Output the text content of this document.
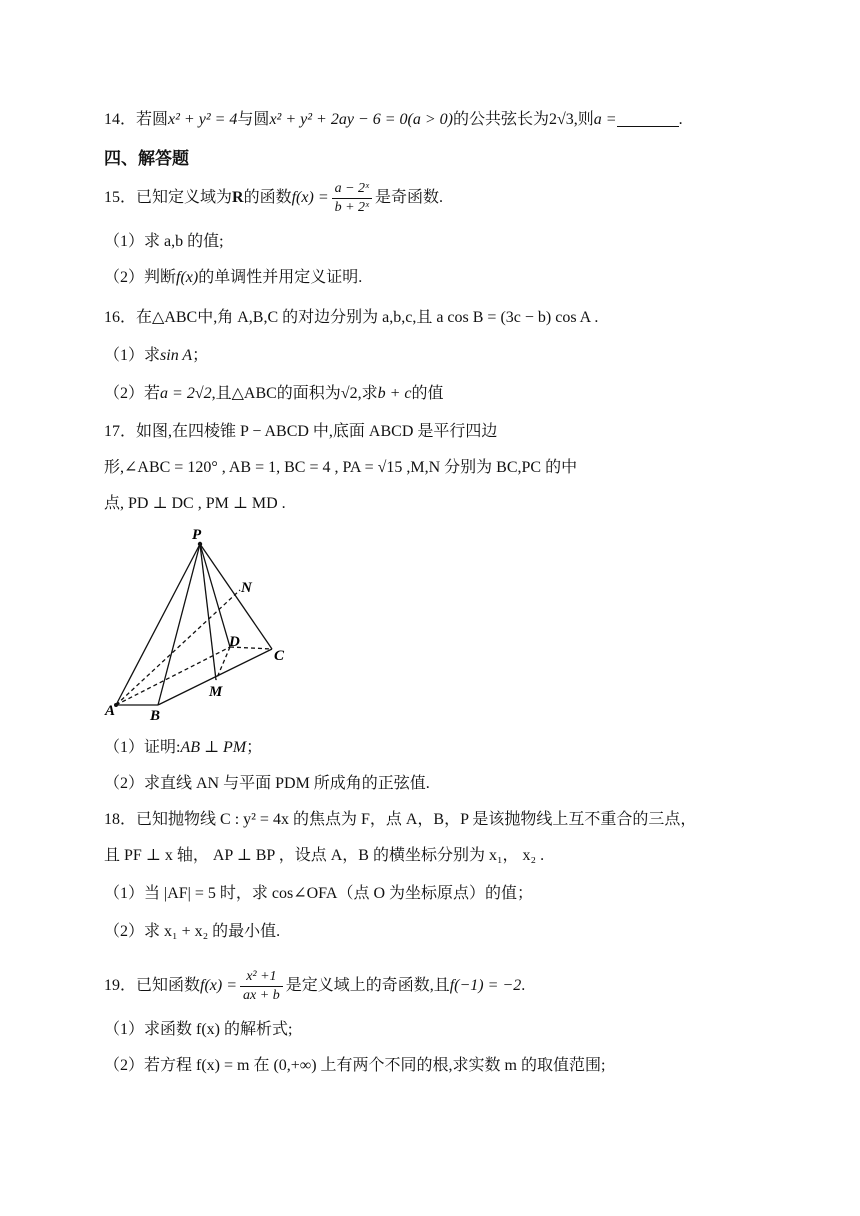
14．若圆x² + y² = 4与圆x² + y² + 2ay − 6 = 0(a > 0)的公共弦长为2√3,则a =	.
四、解答题
15．已知定义域为R的函数$f(x) = \frac{\text{a − 2ˣ}}{\text{b + 2ˣ}}$ 是奇函数.
（1）求 a,b 的值;
（2）判断f(x)的单调性并用定义证明.
16．在△ABC中,角 A,B,C 的对边分别为 a,b,c,且 a cos B = (3c − b) cos A .
（1）求sin A；
（2）若a = 2√2,且△ABC的面积为√2,求b + c的值
17．如图,在四棱锥 P − ABCD 中,底面 ABCD 是平行四边
形,∠ABC = 120° , AB = 1, BC = 4 , PA = √15 ,M,N 分别为 BC,PC 的中
点, PD ⊥ DC , PM ⊥ MD .
P
N
D
C
M
A B
（1）证明:AB ⊥ PM；
（2）求直线 AN 与平面 PDM 所成角的正弦值.
18．已知抛物线 C : y² = 4x 的焦点为 F，点 A，B，P 是该抛物线上互不重合的三点，
且 PF ⊥ x 轴， AP ⊥ BP ，设点 A，B 的横坐标分别为 x₁， x₂ .
（1）当 |AF| = 5 时，求 cos∠OFA（点 O 为坐标原点）的值；
（2）求 x₁ + x₂ 的最小值.
19．已知函数$f(x) = \frac{\text{x² +1}}{ax + b}$ 是定义域上的奇函数,且f(−1) = −2.
（1）求函数 f(x) 的解析式;
（2）若方程 f(x) = m 在 (0,+∞) 上有两个不同的根,求实数 m 的取值范围;
